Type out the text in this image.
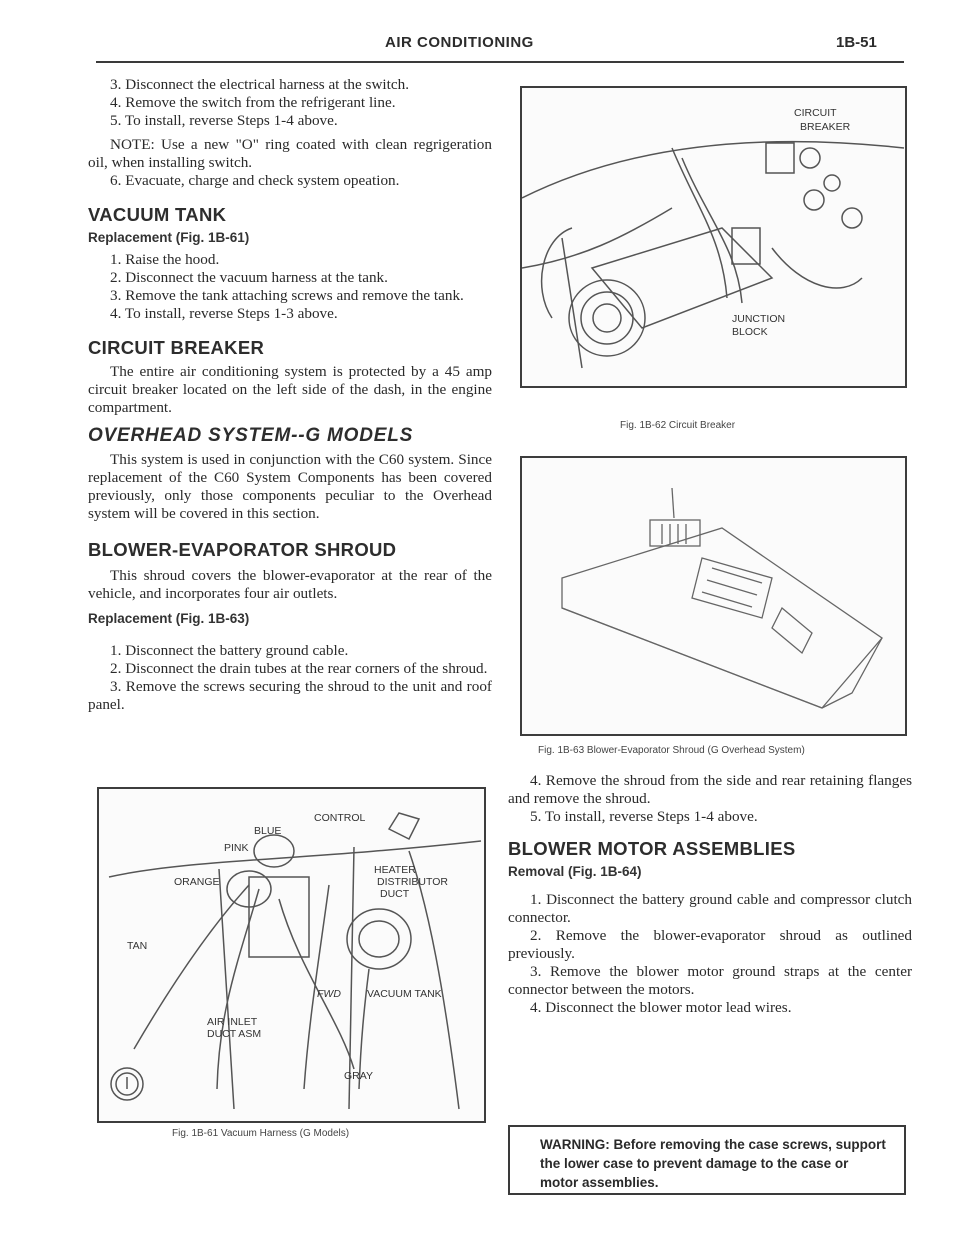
AIR CONDITIONING	1B-51

3. Disconnect the electrical harness at the switch.

4. Remove the switch from the refrigerant line.

5. To install, reverse Steps 1-4 above.

NOTE: Use a new "O" ring coated with clean regrigeration oil, when installing switch.

6. Evacuate, charge and check system opeation.

VACUUM TANK
Replacement (Fig. 1B-61)

1. Raise the hood.

2. Disconnect the vacuum harness at the tank.

3. Remove the tank attaching screws and remove the tank.

4. To install, reverse Steps 1-3 above.

CIRCUIT BREAKER

The entire air conditioning system is protected by a 45 amp circuit breaker located on the left side of the dash, in the engine compartment.

OVERHEAD SYSTEM--G MODELS

This system is used in conjunction with the C60 system. Since replacement of the C60 System Components has been covered previously, only those components peculiar to the Overhead system will be covered in this section.

BLOWER-EVAPORATOR SHROUD

This shroud covers the blower-evaporator at the rear of the vehicle, and incorporates four air outlets.

Replacement (Fig. 1B-63)

1. Disconnect the battery ground cable.

2. Disconnect the drain tubes at the rear corners of the shroud.

3. Remove the screws securing the shroud to the unit and roof panel.

CONTROL
BLUE
PINK
ORANGE
HEATER
DISTRIBUTOR
DUCT
TAN
FWD VACUUM TANK
AIR INLET
DUCT ASM
GRAY
Fig. 1B-61 Vacuum Harness (G Models)
CIRCUIT
BREAKER
JUNCTION
BLOCK
Fig. 1B-62 Circuit Breaker
Fig. 1B-63 Blower-Evaporator Shroud (G Overhead System)

4. Remove the shroud from the side and rear retaining flanges and remove the shroud.

5. To install, reverse Steps 1-4 above.

BLOWER MOTOR ASSEMBLIES
Removal (Fig. 1B-64)

1. Disconnect the battery ground cable and compressor clutch connector.

2. Remove the blower-evaporator shroud as outlined previously.

3. Remove the blower motor ground straps at the center connector between the motors.

4. Disconnect the blower motor lead wires.

WARNING: Before removing the case screws, support the lower case to prevent damage to the case or motor assemblies.
